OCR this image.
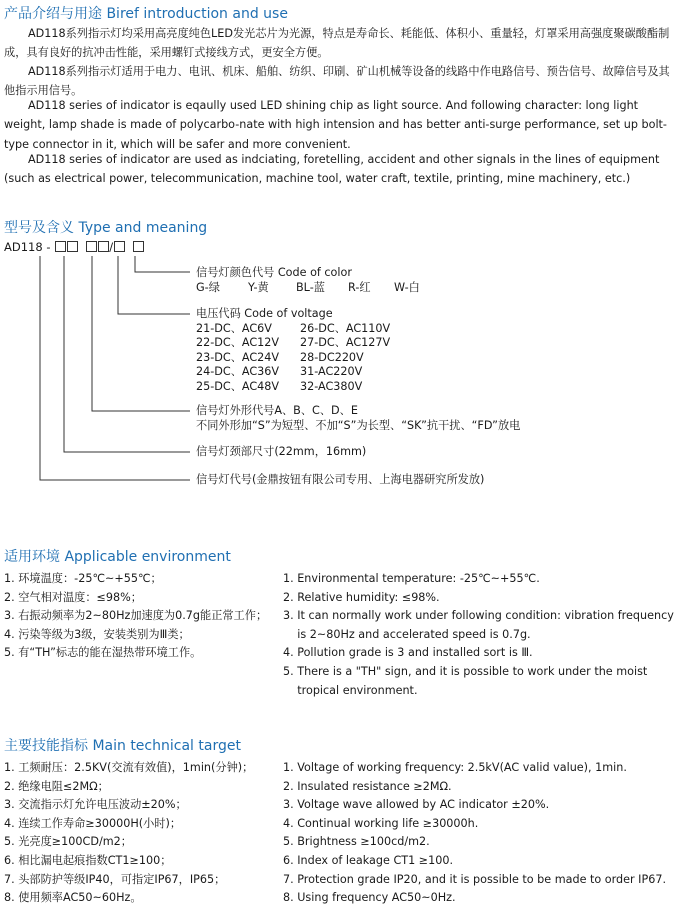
产品介绍与用途 Biref introduction and use
AD118系列指示灯均采用高亮度纯色LED发光芯片为光源，特点是寿命长、耗能低、体积小、重量轻，灯罩采用高强度聚碳酸酯制成，具有良好的抗冲击性能，采用螺钉式接线方式，更安全方便。
AD118系列指示灯适用于电力、电讯、机床、船舶、纺织、印刷、矿山机械等设备的线路中作电路信号、预告信号、故障信号及其他指示用信号。
AD118 series of indicator is eqaully used LED shining chip as light source. And following character: long light weight, lamp shade is made of polycarbo-nate with high intension and has better anti-surge performance, set up bolt-type connector in it, which will be safer and more convenient.
AD118 series of indicator are used as indciating, foretelling, accident and other signals in the lines of equipment (such as electrical power, telecommunication, machine tool, water craft, textile, printing, mine machinery, etc.)
型号及含义 Type and meaning
AD118 -	/
信号灯颜色代号 Code of color
G-绿	Y-黄 BL-蓝 R-红 W-白
电压代码 Code of voltage
21-DC、AC6V	26-DC、AC110V
22-DC、AC12V	27-DC、AC127V
23-DC、AC24V	28-DC220V
24-DC、AC36V	31-AC220V
25-DC、AC48V	32-AC380V
信号灯外形代号A、B、C、D、E
不同外形加“S”为短型、不加“S”为长型、“SK”抗干扰、“FD”放电
信号灯颈部尺寸(22mm，16mm)
信号灯代号(金鼎按钮有限公司专用、上海电器研究所发放)
适用环境 Applicable environment
1. 环境温度：-25℃~+55℃；
2. 空气相对温度：≤98%；
3. 右振动频率为2~80Hz加速度为0.7g能正常工作；
4. 污染等级为3级，安装类别为Ⅲ类；
5. 有“TH”标志的能在湿热带环境工作。
1. Environmental temperature: -25℃~+55℃.
2. Relative humidity: ≤98%.
3. It can normally work under following condition: vibration frequency is 2~80Hz and accelerated speed is 0.7g.
4. Pollution grade is 3 and installed sort is Ⅲ.
5. There is a "TH" sign, and it is possible to work under the moist tropical environment.
主要技能指标 Main technical target
1. 工频耐压：2.5KV(交流有效值)，1min(分钟)；
2. 绝缘电阻≤2MΩ；
3. 交流指示灯允许电压波动±20%；
4. 连续工作寿命≥30000H(小时)；
5. 光亮度≥100CD/m2；
6. 相比漏电起痕指数CT1≥100；
7. 头部防护等级IP40，可指定IP67，IP65；
8. 使用频率AC50~60Hz。
1. Voltage of working frequency: 2.5kV(AC valid value), 1min.
2. Insulated resistance ≥2MΩ.
3. Voltage wave allowed by AC indicator ±20%.
4. Continual working life ≥30000h.
5. Brightness ≥100cd/m2.
6. Index of leakage CT1 ≥100.
7. Protection grade IP20, and it is possible to be made to order IP67.
8. Using frequency AC50~0Hz.
